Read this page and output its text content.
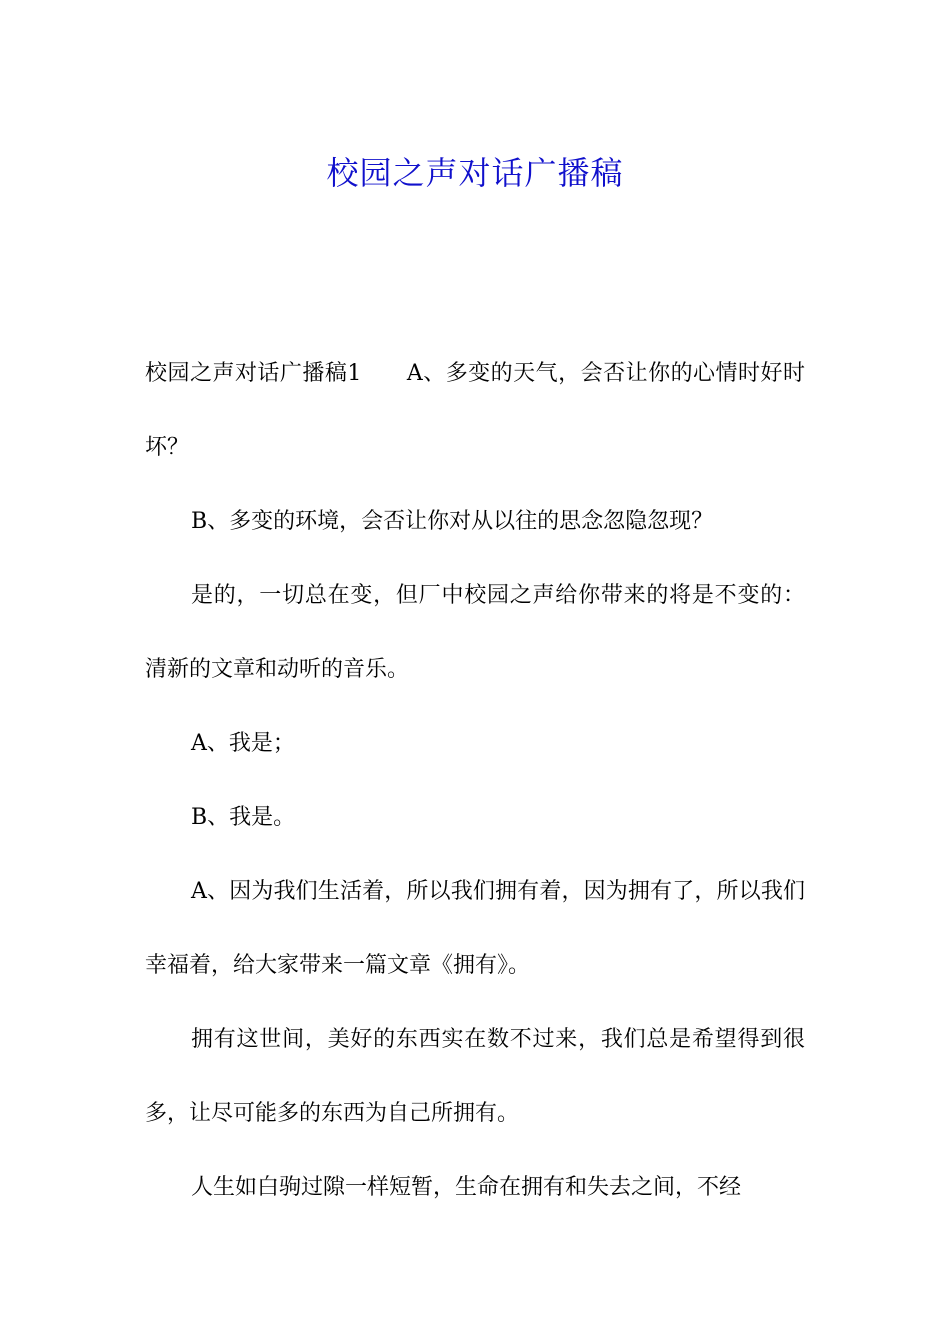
校园之声对话广播稿

校园之声对话广播稿1　　A、多变的天气，会否让你的心情时好时坏？

B、多变的环境，会否让你对从以往的思念忽隐忽现？

是的，一切总在变，但厂中校园之声给你带来的将是不变的：清新的文章和动听的音乐。

A、我是；

B、我是。

A、因为我们生活着，所以我们拥有着，因为拥有了，所以我们幸福着，给大家带来一篇文章《拥有》。

拥有这世间，美好的东西实在数不过来，我们总是希望得到很多，让尽可能多的东西为自己所拥有。

人生如白驹过隙一样短暂，生命在拥有和失去之间，不经
